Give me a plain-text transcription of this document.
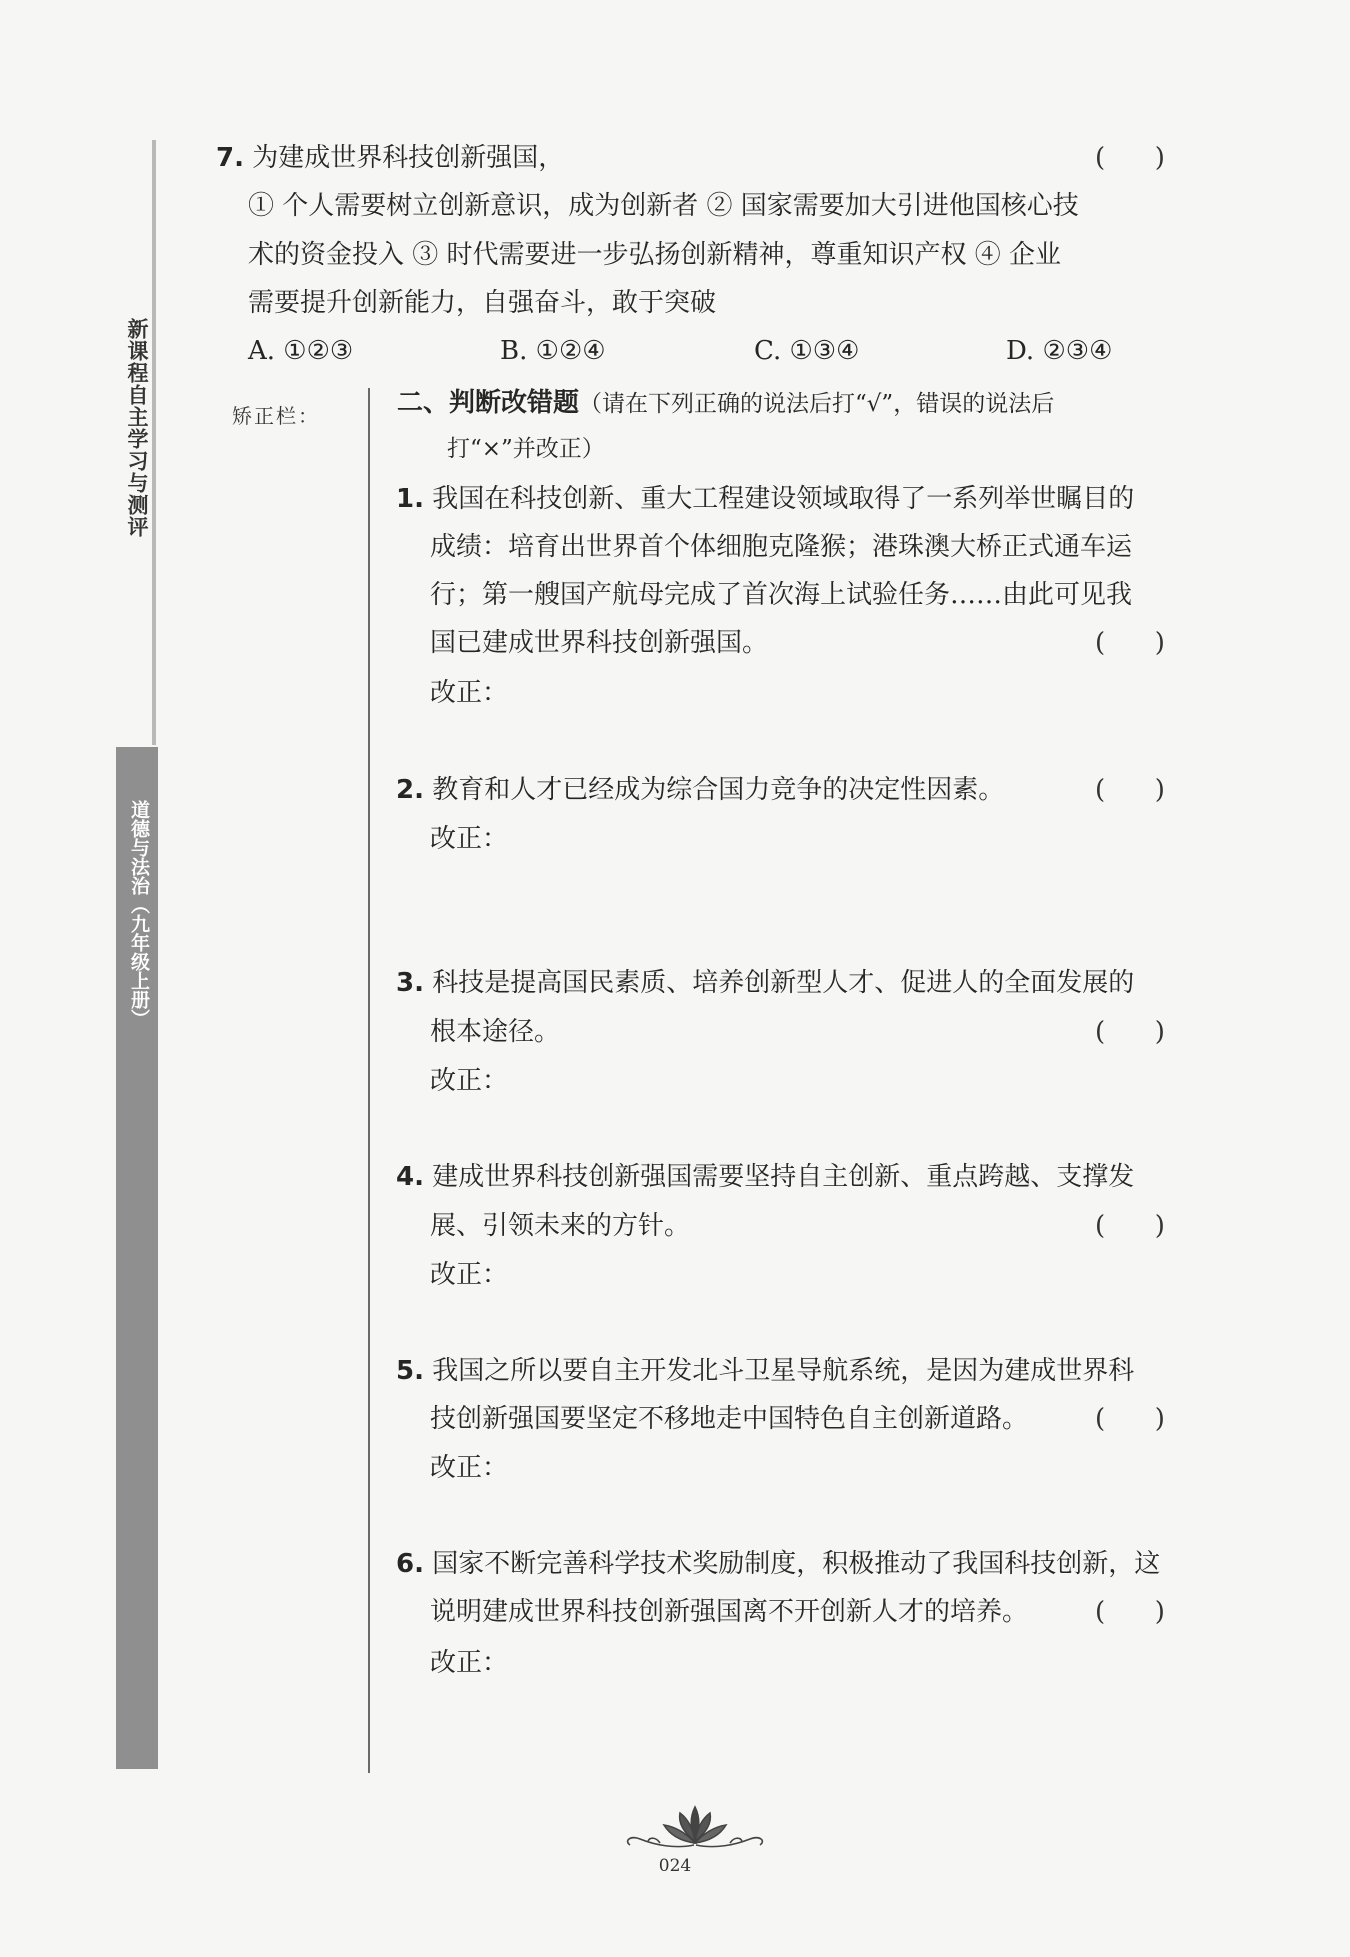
新课程自主学习与测评
道德与法治（九年级上册）
矫正栏：
7. 为建成世界科技创新强国，	(      )
① 个人需要树立创新意识，成为创新者 ② 国家需要加大引进他国核心技
术的资金投入 ③ 时代需要进一步弘扬创新精神，尊重知识产权 ④ 企业
需要提升创新能力，自强奋斗，敢于突破
A. ①②③	B. ①②④	C. ①③④	D. ②③④
二、判断改错题（请在下列正确的说法后打“√”，错误的说法后
打“×”并改正）
1. 我国在科技创新、重大工程建设领域取得了一系列举世瞩目的
成绩：培育出世界首个体细胞克隆猴；港珠澳大桥正式通车运
行；第一艘国产航母完成了首次海上试验任务……由此可见我
国已建成世界科技创新强国。	(      )
改正：
2. 教育和人才已经成为综合国力竞争的决定性因素。	(      )
改正：
3. 科技是提高国民素质、培养创新型人才、促进人的全面发展的
根本途径。	(      )
改正：
4. 建成世界科技创新强国需要坚持自主创新、重点跨越、支撑发
展、引领未来的方针。	(      )
改正：
5. 我国之所以要自主开发北斗卫星导航系统，是因为建成世界科
技创新强国要坚定不移地走中国特色自主创新道路。	(      )
改正：
6. 国家不断完善科学技术奖励制度，积极推动了我国科技创新，这
说明建成世界科技创新强国离不开创新人才的培养。	(      )
改正：
024
